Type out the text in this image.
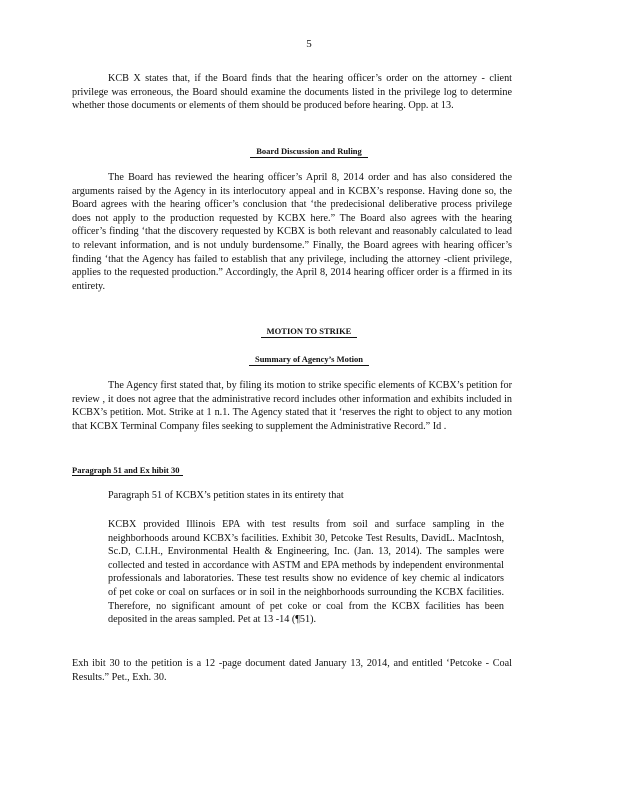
5

KCB X states that, if the Board finds that the hearing officer’s order on the attorney - client privilege was erroneous, the Board should examine the documents listed in the privilege log to determine whether those documents or elements of them should be produced before hearing. Opp. at 13.

Board Discussion and Ruling

The Board has reviewed the hearing officer’s April 8, 2014 order and has also considered the arguments raised by the Agency in its interlocutory appeal and in KCBX’s response. Having done so, the Board agrees with the hearing officer’s conclusion that ‘the predecisional deliberative process privilege does not apply to the production requested by KCBX here.” The Board also agrees with the hearing officer’s finding ‘that the discovery requested by KCBX is both relevant and reasonably calculated to lead to relevant information, and is not unduly burdensome.” Finally, the Board agrees with hearing officer’s finding ‘that the Agency has failed to establish that any privilege, including the attorney -client privilege, applies to the requested production.” Accordingly, the April 8, 2014 hearing officer order is a ffirmed in its entirety.

MOTION TO STRIKE

Summary of Agency’s Motion

The Agency first stated that, by filing its motion to strike specific elements of KCBX’s petition for review , it does not agree that the administrative record includes other information and exhibits included in KCBX’s petition. Mot. Strike at 1 n.1. The Agency stated that it ‘reserves the right to object to any motion that KCBX Terminal Company files seeking to supplement the Administrative Record.” Id .

Paragraph 51 and Ex hibit 30

Paragraph 51 of KCBX’s petition states in its entirety that

KCBX provided Illinois EPA with test results from soil and surface sampling in the neighborhoods around KCBX’s facilities. Exhibit 30, Petcoke Test Results, DavidL. MacIntosh, Sc.D, C.I.H., Environmental Health & Engineering, Inc. (Jan. 13, 2014). The samples were collected and tested in accordance with ASTM and EPA methods by independent environmental professionals and laboratories. These test results show no evidence of key chemic al indicators of pet coke or coal on surfaces or in soil in the neighborhoods surrounding the KCBX facilities. Therefore, no significant amount of pet coke or coal from the KCBX facilities has been deposited in the areas sampled. Pet at 13 -14 (¶51).

Exh ibit 30 to the petition is a 12 -page document dated January 13, 2014, and entitled ‘Petcoke - Coal Results.” Pet., Exh. 30.
